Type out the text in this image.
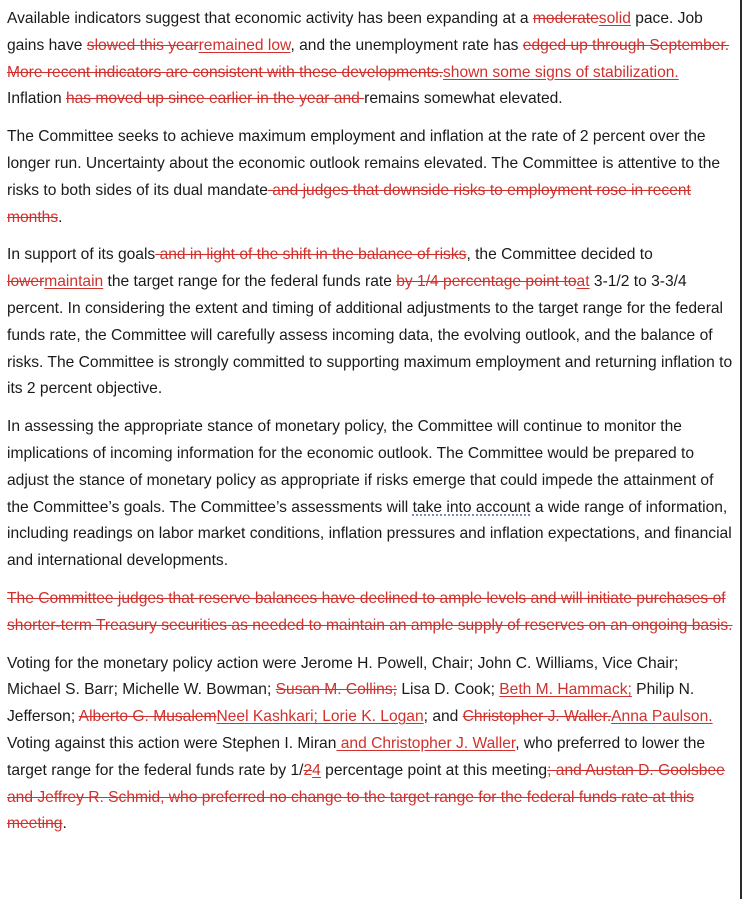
Available indicators suggest that economic activity has been expanding at a moderatesolid pace. Job gains have slowed this yearremained low, and the unemployment rate has edged up through September. More recent indicators are consistent with these developments.shown some signs of stabilization. Inflation has moved up since earlier in the year and remains somewhat elevated.

The Committee seeks to achieve maximum employment and inflation at the rate of 2 percent over the longer run. Uncertainty about the economic outlook remains elevated. The Committee is attentive to the risks to both sides of its dual mandate and judges that downside risks to employment rose in recent months.

In support of its goals and in light of the shift in the balance of risks, the Committee decided to lowermaintain the target range for the federal funds rate by 1/4 percentage point toat 3-1/2 to 3-3/4 percent. In considering the extent and timing of additional adjustments to the target range for the federal funds rate, the Committee will carefully assess incoming data, the evolving outlook, and the balance of risks. The Committee is strongly committed to supporting maximum employment and returning inflation to its 2 percent objective.

In assessing the appropriate stance of monetary policy, the Committee will continue to monitor the implications of incoming information for the economic outlook. The Committee would be prepared to adjust the stance of monetary policy as appropriate if risks emerge that could impede the attainment of the Committee’s goals. The Committee’s assessments will take into account a wide range of information, including readings on labor market conditions, inflation pressures and inflation expectations, and financial and international developments.

The Committee judges that reserve balances have declined to ample levels and will initiate purchases of shorter-term Treasury securities as needed to maintain an ample supply of reserves on an ongoing basis.

Voting for the monetary policy action were Jerome H. Powell, Chair; John C. Williams, Vice Chair; Michael S. Barr; Michelle W. Bowman; Susan M. Collins; Lisa D. Cook; Beth M. Hammack; Philip N. Jefferson; Alberto G. MusalemNeel Kashkari; Lorie K. Logan; and Christopher J. Waller.Anna Paulson. Voting against this action were Stephen I. Miran and Christopher J. Waller, who preferred to lower the target range for the federal funds rate by 1/24 percentage point at this meeting; and Austan D. Goolsbee and Jeffrey R. Schmid, who preferred no change to the target range for the federal funds rate at this meeting.
